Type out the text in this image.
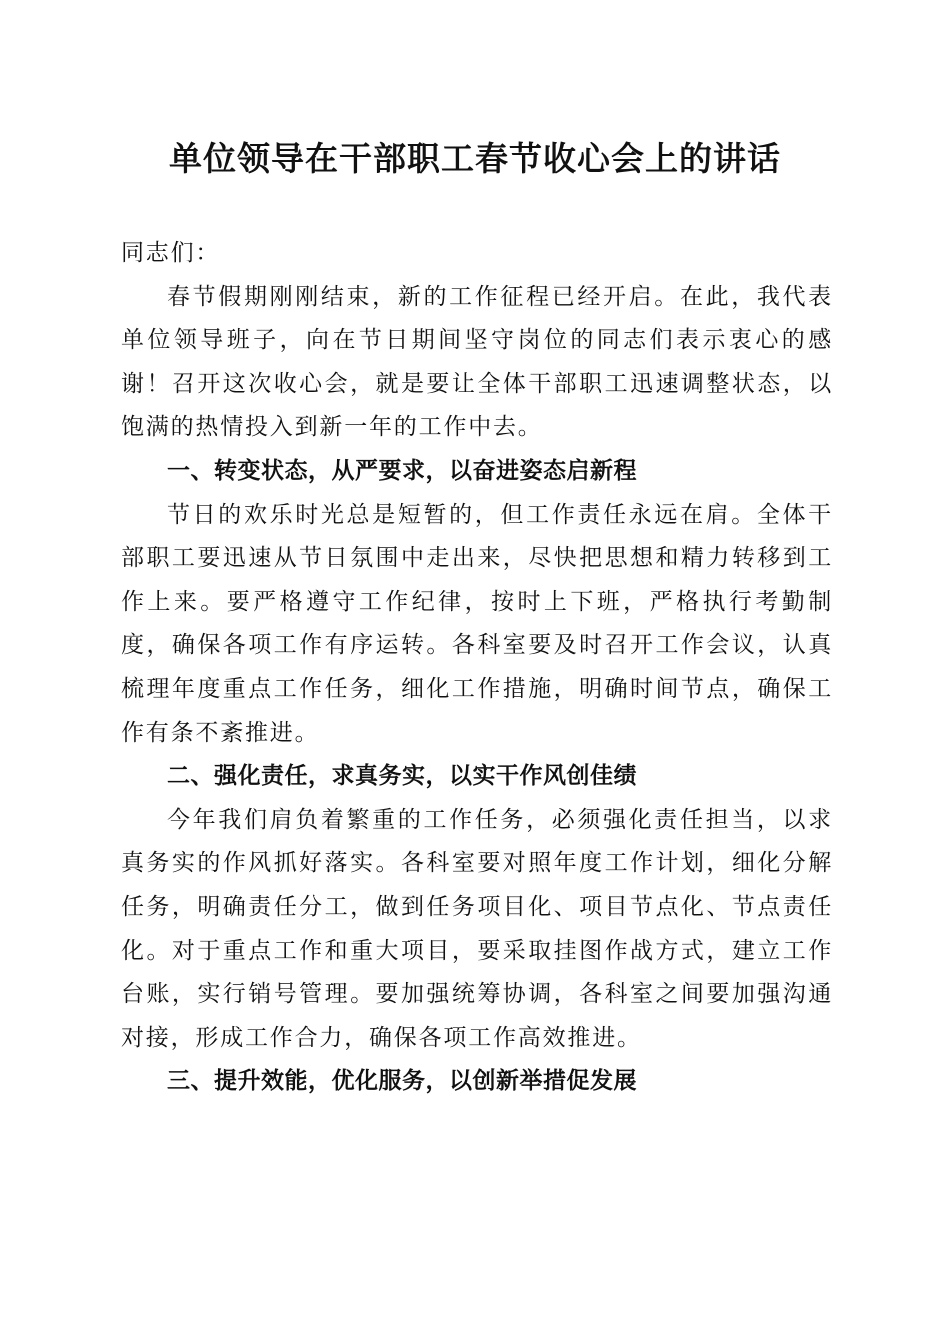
单位领导在干部职工春节收心会上的讲话

同志们：

春节假期刚刚结束，新的工作征程已经开启。在此，我代表单位领导班子，向在节日期间坚守岗位的同志们表示衷心的感谢！召开这次收心会，就是要让全体干部职工迅速调整状态，以饱满的热情投入到新一年的工作中去。

一、转变状态，从严要求，以奋进姿态启新程

节日的欢乐时光总是短暂的，但工作责任永远在肩。全体干部职工要迅速从节日氛围中走出来，尽快把思想和精力转移到工作上来。要严格遵守工作纪律，按时上下班，严格执行考勤制度，确保各项工作有序运转。各科室要及时召开工作会议，认真梳理年度重点工作任务，细化工作措施，明确时间节点，确保工作有条不紊推进。

二、强化责任，求真务实，以实干作风创佳绩

今年我们肩负着繁重的工作任务，必须强化责任担当，以求真务实的作风抓好落实。各科室要对照年度工作计划，细化分解任务，明确责任分工，做到任务项目化、项目节点化、节点责任化。对于重点工作和重大项目，要采取挂图作战方式，建立工作台账，实行销号管理。要加强统筹协调，各科室之间要加强沟通对接，形成工作合力，确保各项工作高效推进。

三、提升效能，优化服务，以创新举措促发展
